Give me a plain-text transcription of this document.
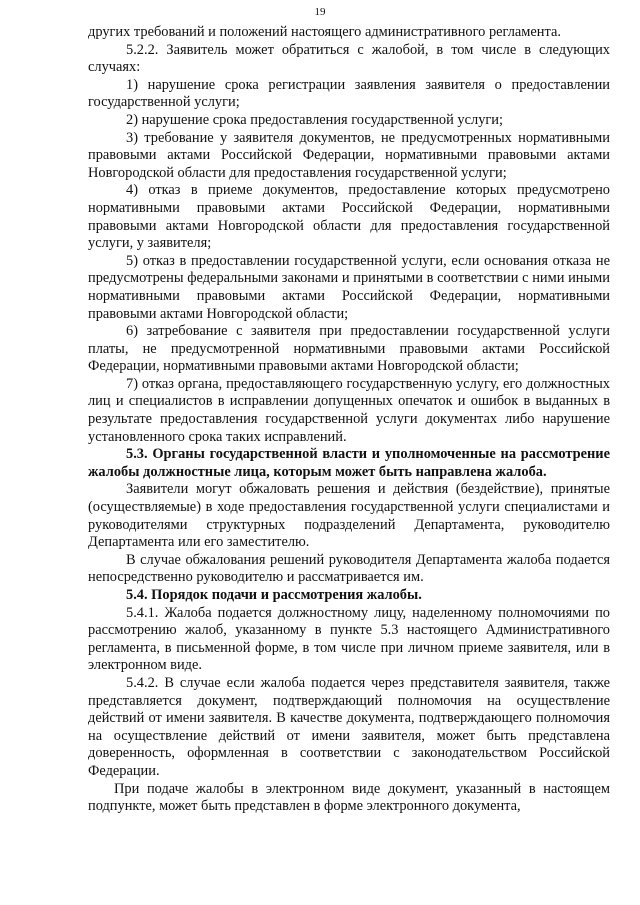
19

других требований и положений настоящего административного регламента.

5.2.2. Заявитель может обратиться с жалобой, в том числе в следующих случаях:

1) нарушение срока регистрации заявления заявителя о предоставлении государственной услуги;

2) нарушение срока предоставления государственной услуги;

3) требование у заявителя документов, не предусмотренных нормативными правовыми актами Российской Федерации, нормативными правовыми актами Новгородской области для предоставления государственной услуги;

4) отказ в приеме документов, предоставление которых предусмотрено нормативными правовыми актами Российской Федерации, нормативными правовыми актами Новгородской области для предоставления государственной услуги, у заявителя;

5) отказ в предоставлении государственной услуги, если основания отказа не предусмотрены федеральными законами и принятыми в соответствии с ними иными нормативными правовыми актами Российской Федерации, нормативными правовыми актами Новгородской области;

6) затребование с заявителя при предоставлении государственной услуги платы, не предусмотренной нормативными правовыми актами Российской Федерации, нормативными правовыми актами Новгородской области;

7) отказ органа, предоставляющего государственную услугу, его должностных лиц и специалистов в исправлении допущенных опечаток и ошибок в выданных в результате предоставления государственной услуги документах либо нарушение установленного срока таких исправлений.

5.3. Органы государственной власти и уполномоченные на рассмотрение жалобы должностные лица, которым может быть направлена жалоба.

Заявители могут обжаловать решения и действия (бездействие), принятые (осуществляемые) в ходе предоставления государственной услуги специалистами и руководителями структурных подразделений Департамента, руководителю Департамента или его заместителю.

В случае обжалования решений руководителя Департамента жалоба подается непосредственно руководителю и рассматривается им.

5.4. Порядок подачи и рассмотрения жалобы.

5.4.1. Жалоба подается должностному лицу, наделенному полномочиями по рассмотрению жалоб, указанному в пункте 5.3 настоящего Административного регламента, в письменной форме, в том числе при личном приеме заявителя, или в электронном виде.

5.4.2. В случае если жалоба подается через представителя заявителя, также представляется документ, подтверждающий полномочия на осуществление действий от имени заявителя. В качестве документа, подтверждающего полномочия на осуществление действий от имени заявителя, может быть представлена доверенность, оформленная в соответствии с законодательством Российской Федерации.

При подаче жалобы в электронном виде документ, указанный в настоящем подпункте, может быть представлен в форме электронного документа,
